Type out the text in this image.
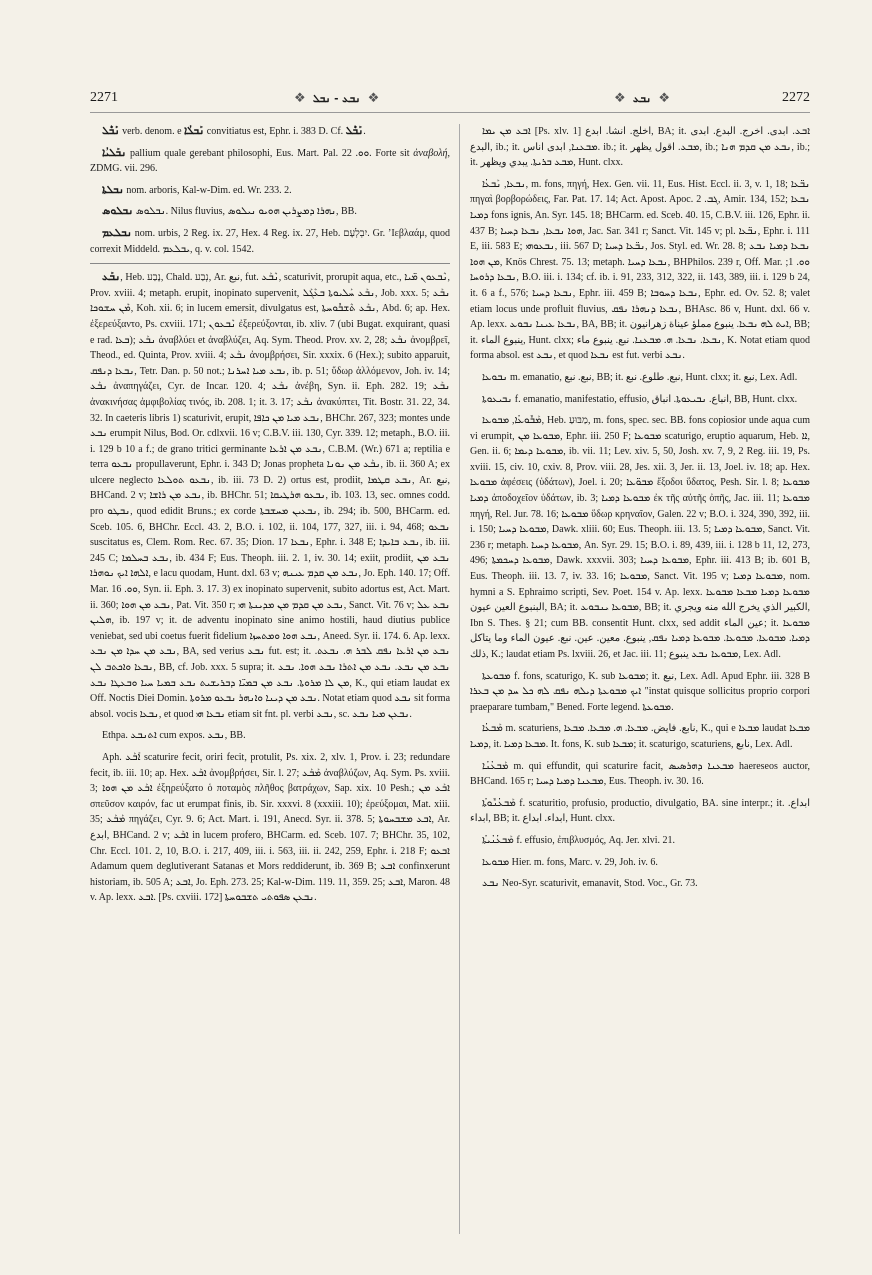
2271	❖ ܢܒܥ - ܢܒܠ ❖	❖ ܢܒܥ ❖	2272

ܢܰܒܶܠ verb. denom. e ܢܰܒܠܳܐ convitiatus est, Ephr. i. 383 D. Cf. ܢܰܒܶܠ.

ܢܒܰܠܝܳܐ pallium quale gerebant philosophi, Eus. Mart. Pal. ܘܘ. 22. Forte sit ἀναβολή, ZDMG. vii. 296.

ܢܒܠܬܐ nom. arboris, Kal-w-Dim. ed. Wr. 233. 2.

ܢܒܠܘܣ ܢܒܠܘܣ. Nilus fluvius, ܢܗܪܐ ܕܡܨܪܝܢ ܗܘܝܘ ܢܝܠܘܣ, BB.

ܢܒܠܥܡ nom. urbis, 2 Reg. ix. 27, Hex. 4 Reg. ix. 27, Heb. יִבְלְעָם. Gr. ’Ιεβλαάμ, quod correxit Middeld. ܝܒܠܥܡ, q. v. col. 1542.

ܢܒܰܥ, Heb. נָבַע, Chald. נְבַע, Ar. نبع, fut. ܢܶܒܰܥ, scaturivit, prorupit aqua, etc., ܢܶܒܥܘܢ ܡ̈ܝܐ, Prov. xviii. 4; metaph. erupit, inopinato supervenit, ܢܒܰܥ ܚܰܠܝܘܬܐ ܒܥܶܓܰܠ, Job. xxx. 5; ܢܒܰܥ ܡܶܢ ܚܫܘܟܐ, Koh. xii. 6; in lucem emersit, divulgatus est, ܢܒܰܥ ܬܶܫܒܽܘܚܬܐ, Abd. 6; ap. Hex. ἐξερεύξαντο, Ps. cxviii. 171; ܢܶܒܥܘܢ ἐξερεύξονται, ib. xliv. 7 (ubi Bugat. exquirant, quasi e rad. ܒܥܐ); ܢܒܰܥ ἀναβλύει et ἀναβλύζει, Aq. Sym. Theod. Prov. xv. 2, 28; ܢܒܰܥ ἀνομβρεῖ, Theod., ed. Quinta, Prov. xviii. 4; ܢܒܰܥ ἀνομβρήσει, Sir. xxxix. 6 (Hex.); subito apparuit, ܢܒܥܐ ܕܢܦܩ, Tetr. Dan. p. 50 not.; ܢܒܥ ܡܝܐ ܐܚܪܢܐ, ib. p. 51; ὕδωρ ἀλλόμενον, Joh. iv. 14; ܢܒܰܥ ἀναπηγάζει, Cyr. de Incar. 120. 4; ܢܒܰܥ ἀνέβη, Syn. ii. Eph. 282. 19; ܢܒܰܥ ἀνακινήσας ἀμφιβολίας τινός, ib. 208. 1; it. 3. 17; ܢܒܰܥ ἀνακύπτει, Tit. Bostr. 31. 22, 34. 32. In caeteris libris 1) scaturivit, erupit, ܢܒܥ ܡܝܐ ܡܢ ܟܐܦܐ, BHChr. 267, 323; montes unde ܢܒܥ erumpit Nilus, Bod. Or. cdlxvii. 16 v; C.B.V. iii. 130, Cyr. 339. 12; metaph., B.O. iii. i. 129 b 10 a f.; de grano tritici germinante ܢܒܥ ܡܢ ܐܪܥܐ, C.B.M. (Wr.) 671 a; reptilia e terra ܢܒܥܘ propullaverunt, Ephr. i. 343 D; Jonas propheta ܢܒܰܥ ܡܢ ܢܘܢܐ, ib. ii. 360 A; ex ulcere neglecto ܢܒܥܘ ܬܘܠܥܐ, ib. iii. 73 D. 2) ortus est, prodiit, ܢܒܥ ܩܛܡܐ, Ar. نبع, BHCand. 2 v; ܢܒܥ ܡܢ ܪܐܫܐ, ib. BHChr. 51; ܢܒܥܘ ܗܪܛܝܩܐ, ib. 103. 13, sec. omnes codd. pro ܢܒܛܘ, quod edidit Bruns.; ex corde ܢܒܥܝܢ ܡܚܫܒܬܐ, ib. 294; ib. 500, BHCarm. ed. Sceb. 105. 6, BHChr. Eccl. 43. 2, B.O. i. 102, ii. 104, 177, 327, iii. i. 94, 468; ܢܒܥܘ suscitatus es, Clem. Rom. Rec. 67. 35; Dion. ܢܒܥܐ 17, Ephr. i. 348 E; ܢܒܥ ܒܐܝܕܐ, ib. iii. 245 C; ܢܒܥ ܒܚܠܡܐ, ib. 434 F; Eus. Theoph. iii. 2. 1, iv. 30. 14; exiit, prodiit, ܢܒܥ ܡܢ ܐܠܗܐ ܐܝܟ ܢܘܗܪܐ, e lacu quodam, Hunt. dxl. 63 v; ܢܒܥ ܡܢ ܩܕܡ ܥܝܢܗ, Jo. Eph. 140. 17; Off. Mar. ܘܘ. 16, Syn. ii. Eph. 3. 17. 3) ex inopinato supervenit, subito adortus est, Act. Mart. ii. 360; ܢܒܥ ܡܢ ܗܘܐ, Pat. Vit. 350 r; ܢܒܥ ܡܢ ܩܕܡ ܡܢ ܡܕܝܢܬܐ ܗܝ, Sanct. Vit. 76 v; ܢܒܥ ܥܠ ܗܠܝܢ, ib. 197 v; it. de adventu inopinato sine animo hostili, haud diutius publice veniebat, sed ubi coetus fuerit fidelium ܢܒܥ ܗܘܐ ܘܡܬܚܙܐ, Aneed. Syr. ii. 174. 6. Ap. lexx. ܢܒܥ ܡܢ ܚܕܐ ܡܢ ܢܒܥ, BA, sed verius ܢܒܥ fut. est; it. ܢܒܥ ܡܢ ܐܪܥܐ ܢܦܩ ܠܒܪ ܗ. ܢܒܥܬ. ܢܒܥܐ ܘܐܟܬܒ ܠܢ, BB, cf. Job. xxx. 5 supra; it. ܢܒܥ ܡܢ ܢܒܥ. ܢܒܥ ܡܢ ܐܬܪܐ ܢܒܥ ܗܘܐ. ܢܒܥ ܡܢ ܠܐ ܡܪܘܬܐ. ܢܒܥ ܡܢ ܒܡܝ̈ܐ ܕܒܪܝܫܝܬ ܢܒܥ ܒܡܝܐ ܚܝܐ ܘܒܥܛܐ ܢܒܥ, K., qui etiam laudat ex Off. Noctis Diei Domin. ܢܒܥ ܡܢ ܕܝܢܐ ܘܐܢܗܪ ܢܒܥܘ ܡܪܘܬܐ. Notat etiam quod ܢܒܥ sit forma absol. vocis ܢܒܥܐ, et quod ܢܒܥܐ ܗܝ etiam sit fnt. pl. verbi ܢܒܥ, sc. ܢܒܥܢ ܡܝܐ ܢܒܥ.

Ethpa. ܐܬܢܒܥ cum expos. ܢܒܥ, BB.

Aph. ܐܰܒܰܥ scaturire fecit, oriri fecit, protulit, Ps. xix. 2, xlv. 1, Prov. i. 23; redundare fecit, ib. iii. 10; ap. Hex. ܐܒܰܥ ἀνομβρήσει, Sir. l. 27; ܡܰܒܰܥ ἀναβλύζων, Aq. Sym. Ps. xviii. 3; ܐܒܰܥ ܡܢ ܗܘܐ ἐξηρεύξατο ὁ ποταμὸς πλῆθος βατράχων, Sap. xix. 10 Pesh.; ܐܒܰܥ ܡܢ σπεῦσον καιρόν, fac ut erumpat finis, ib. Sir. xxxvi. 8 (xxxiii. 10); ἐρεύξομαι, Mat. xiii. 35; ܡܰܒܰܥ πηγάζει, Cyr. 9. 6; Act. Mart. i. 191, Anecd. Syr. ii. 378. 5; ܐܒܥ ܡܫܒܚܘܬܐ, Ar. ابدع, BHCand. 2 v; ܐܒܰܥ in lucem profero, BHCarm. ed. Sceb. 107. 7; BHChr. 35, 102, Chr. Eccl. 101. 2, 10, B.O. i. 217, 409, iii. i. 563, iii. ii. 242, 259, Ephr. i. 218 F; ܐܒܥܘ Adamum quem deglutiverant Satanas et Mors reddiderunt, ib. 369 B; ܐܒܥ confinxerunt historiam, ib. 505 A; ܐܒܥ, Jo. Eph. 273. 25; Kal-w-Dim. 119. 11, 359. 25; ܐܒܥ, Maron. 48 v. Ap. lexx. ܐܒܥ. [Ps. cxviii. 172] ܢܒܥܢ ܣܦܘܬܝ ܬܫܒܘܚܬܐ.

ܐܒܥ ܡܢ ܝܡܐ [Ps. xlv. 1] اخلج. انشا. ابدع, BA; it. ܐܒܥ. ابدى. اخرج. البدع. ابدى البدع, ib.; it. ܡܒܥܢܐ, ابدى اناس. ib.; it. ܡܒܥ. اقول يظهر, ib.; ܢܒܥ ܡܢ ܩܕܡ ܗܢܐ, ib.; it. ܡܒܥ ܒܪܝܬܐ. يبدي ويظهر, Hunt. clxx.

ܢܒܥܐ, ܢܰܒܥܳܐ, m. fons, πηγή, Hex. Gen. vii. 11, Eus. Hist. Eccl. ii. 3, v. 1, 18; ܢܒ̈ܥܐ πηγαὶ βορβορώδεις, Far. Pat. 17. 14; Act. Apost. Apoc. ܓܒ. 2, Amir. 134, 152; ܢܒܥܐ ܕܡܝܐ fons ignis, An. Syr. 145. 18; BHCarm. ed. Sceb. 40. 15, C.B.V. iii. 126, Ephr. ii. 437 B; ܗܘܐ ܢܒܥܐ, ܢܒܥܐ ܕܚܝܐ, Jac. Sar. 341 r; Sanct. Vit. 145 v; pl. ܢܒ̈ܥܐ, Ephr. i. 111 E, iii. 583 E; ܢܒܥܘܗܝ, iii. 567 D; ܢܒ̈ܥܐ ܕܚܝܐ, Jos. Styl. ed. Wr. 28. 8; ܢܒܥܐ ܕܡܝܐ ܢܒܥ ܡܢ ܗܘܐ, Knös Chrest. 75. 13; metaph. ܢܒܥܐ ܕܚܝܐ, BHPhilos. 239 r, Off. Mar. ܘܘ. 1; ܢܒܥܐ ܕܪܘܚܐ, B.O. iii. i. 134; cf. ib. i. 91, 233, 312, 322, ii. 143, 389, iii. i. 129 b 24, it. 6 a f., 576; ܢܒܥܐ ܕܚܝܐ, Ephr. iii. 459 B; ܢܒܥܐ ܕܚܘܒܐ, Ephr. ed. Ov. 52. 8; valet etiam locus unde profluit fluvius, ܢܒܥܐ ܕܢܗܪܐ ܢܦܩ, BHAsc. 86 v, Hunt. dxl. 66 v. Ap. lexx. ܢܒܥܐ ܥܝܢܐ ܢܒܘܥ, BA, BB; it. ܐܝܬ ܠܗ ܢܒܥܐ. ينبوع مملؤ عيناة زهرانيون, BB; it. ينبوع الماء, Hunt. clxx; ܢܒܥܐ. ܢܒܥܐ. ܗ. ܡܒܥܢܐ. نبع. ينبوع ماء, K. Notat etiam quod forma absol. est ܢܒܥ, et quod ܢܒܥܐ est fut. verbi ܢܒܥ.

ܢܒܘܥܐ m. emanatio, نبع. نبع, BB; it. نبع. طلوع. نبع, Hunt. clxx; it. نبع, Lex. Adl.

ܢܒܝܥܘܬܐ f. emanatio, manifestatio, effusio, انباع. ܢܒܝܥܘܬܐ. انباق, BB, Hunt. clxx.

ܡܰܒܽܘܥܳܐ, ܡܒܘܥܐ, Heb. מַבּוּעַ, m. fons, spec. sec. BB. fons copiosior unde aqua cum vi erumpit, ܡܒܘܥܐ ܡܢ, Ephr. iii. 250 F; ܡܒܘܥܐ scaturigo, eruptio aquarum, Heb. ܐܐ, Gen. ii. 6; ܡܒܘܥܐ ܕܝܡܐ, ib. vii. 11; Lev. xiv. 5, 50, Josh. xv. 7, 9, 2 Reg. iii. 19, Ps. xviii. 15, civ. 10, cxiv. 8, Prov. viii. 28, Jes. xii. 3, Jer. ii. 13, Joel. iv. 18; ap. Hex. ܡܒܘܥܐ ἀφέσεις (ὑδάτων), Joel. i. 20; ܡܒܘ̈ܥܐ ἔξοδοι ὕδατος, Pesh. Sir. l. 8; ܡܒܘܥܐ ܕܡܝܐ ἀποδοχεῖον ὑδάτων, ib. 3; ܡܒܘܥܐ ܕܡܝܐ ἐκ τῆς αὐτῆς ὀπῆς, Jac. iii. 11; ܡܒܘܥܐ πηγή, Rel. Jur. 78. 16; ܡܒܘܥܐ ὕδωρ κρηναῖον, Galen. 22 v; B.O. i. 324, 390, 392, iii. i. 150; ܡܒܘܥܐ ܕܚܝܐ, Dawk. xliii. 60; Eus. Theoph. iii. 13. 5; ܡܒܘܥܐ ܕܡܝܐ, Sanct. Vit. 236 r; metaph. ܡܒܘܥܐ ܕܚܝܐ, An. Syr. 29. 15; B.O. i. 89, 439, iii. i. 128 b 11, 12, 273, 496; ܡܒܘܥܐ ܕܚܟܡܬܐ, Dawk. xxxvii. 303; ܡܒܘܥܐ ܕܚܝܐ, Ephr. iii. 413 B; ib. 601 B, Eus. Theoph. iii. 13. 7, iv. 33. 16; ܡܒܘܥܐ, Sanct. Vit. 195 v; ܡܒܘܥܐ ܕܡܝܐ, nom. hymni a S. Ephraimo scripti, Sev. Poet. 154 v. Ap. lexx. ܡܒܘܥܐ ܕܡܝܐ ܡܒܥܐ ܡܒܘܥܐ البنبوع العين عيون, BA; it. ܡܒܘܥܐ ܝܢܒܘܥ, BB; it. الكبير الذي يخرج الله منه ويجري, Ibn S. Thes. § 21; cum BB. consentit Hunt. clxx, sed addit عين الماء; it. ܡܒܘܥܐ ܕܡܝܐ. ܡܒܘܥܐ. ܡܒܘܥܐ. ܡܒܘܥܐ ܕܡܝܐ ܢܦܩ, ينبوع. معين. عين. نبع. عيون الماء وما يتاكل ذلك, K.; laudat etiam Ps. lxviii. 26, et Jac. iii. 11; ܡܒܘܥܐ ܢܒܥ ينبوع, Lex. Adl.

ܡܒܘܥܬܐ f. fons, scaturigo, K. sub ܡܒܘܥܐ; it. نبع, Lex. Adl. Apud Ephr. iii. 328 B ܐܝܟ ܡܒܘܥܬܐ ܕܝܠܗ ܢܦܩ ܠܗ ܟܠ ܚܕ ܡܢ ܒܥܪܐ "instat quisque sollicitus proprio corpori praeparare tumbam," Bened. Forte legend. ܡܒܘܥܬܐ.

ܡܰܒܥܳܐ m. scaturiens, نابع. فايض. ܡܒܥܐ. ܗ. ܡܒܥܐ. ܡܒܥܐ, K., qui e ܡܒܥܐ laudat ܡܒܥܐ ܕܡܝܐ, it. ܡܒܥܐ ܕܡܝܐ. It. fons, K. sub ܡܒܥܐ; it. scaturigo, scaturiens, نابع, Lex. Adl.

ܡܰܒܥܳܢܳܐ m. qui effundit, qui scaturire facit, ܡܒܥܢܐ ܕܗܪܣܝܣ haereseos auctor, BHCand. 165 r; ܡܒܥܢܐ ܕܡܝܐ ܕܚܝܐ, Eus. Theoph. iv. 30. 16.

ܡܰܒܥܳܢܽܘܬܳܐ f. scaturitio, profusio, productio, divulgatio, BA. sine interpr.; it. ابداع. ابداء, BB; it. ابداء. ابداع, Hunt. clxx.

ܡܰܒܥܳܢܳܝܬܳܐ f. effusio, ἐπιβλυσμός, Aq. Jer. xlvi. 21.

ܡܒܘܥܐ Hier. m. fons, Marc. v. 29, Joh. iv. 6.

ܢܒܥ Neo-Syr. scaturivit, emanavit, Stod. Voc., Gr. 73.
